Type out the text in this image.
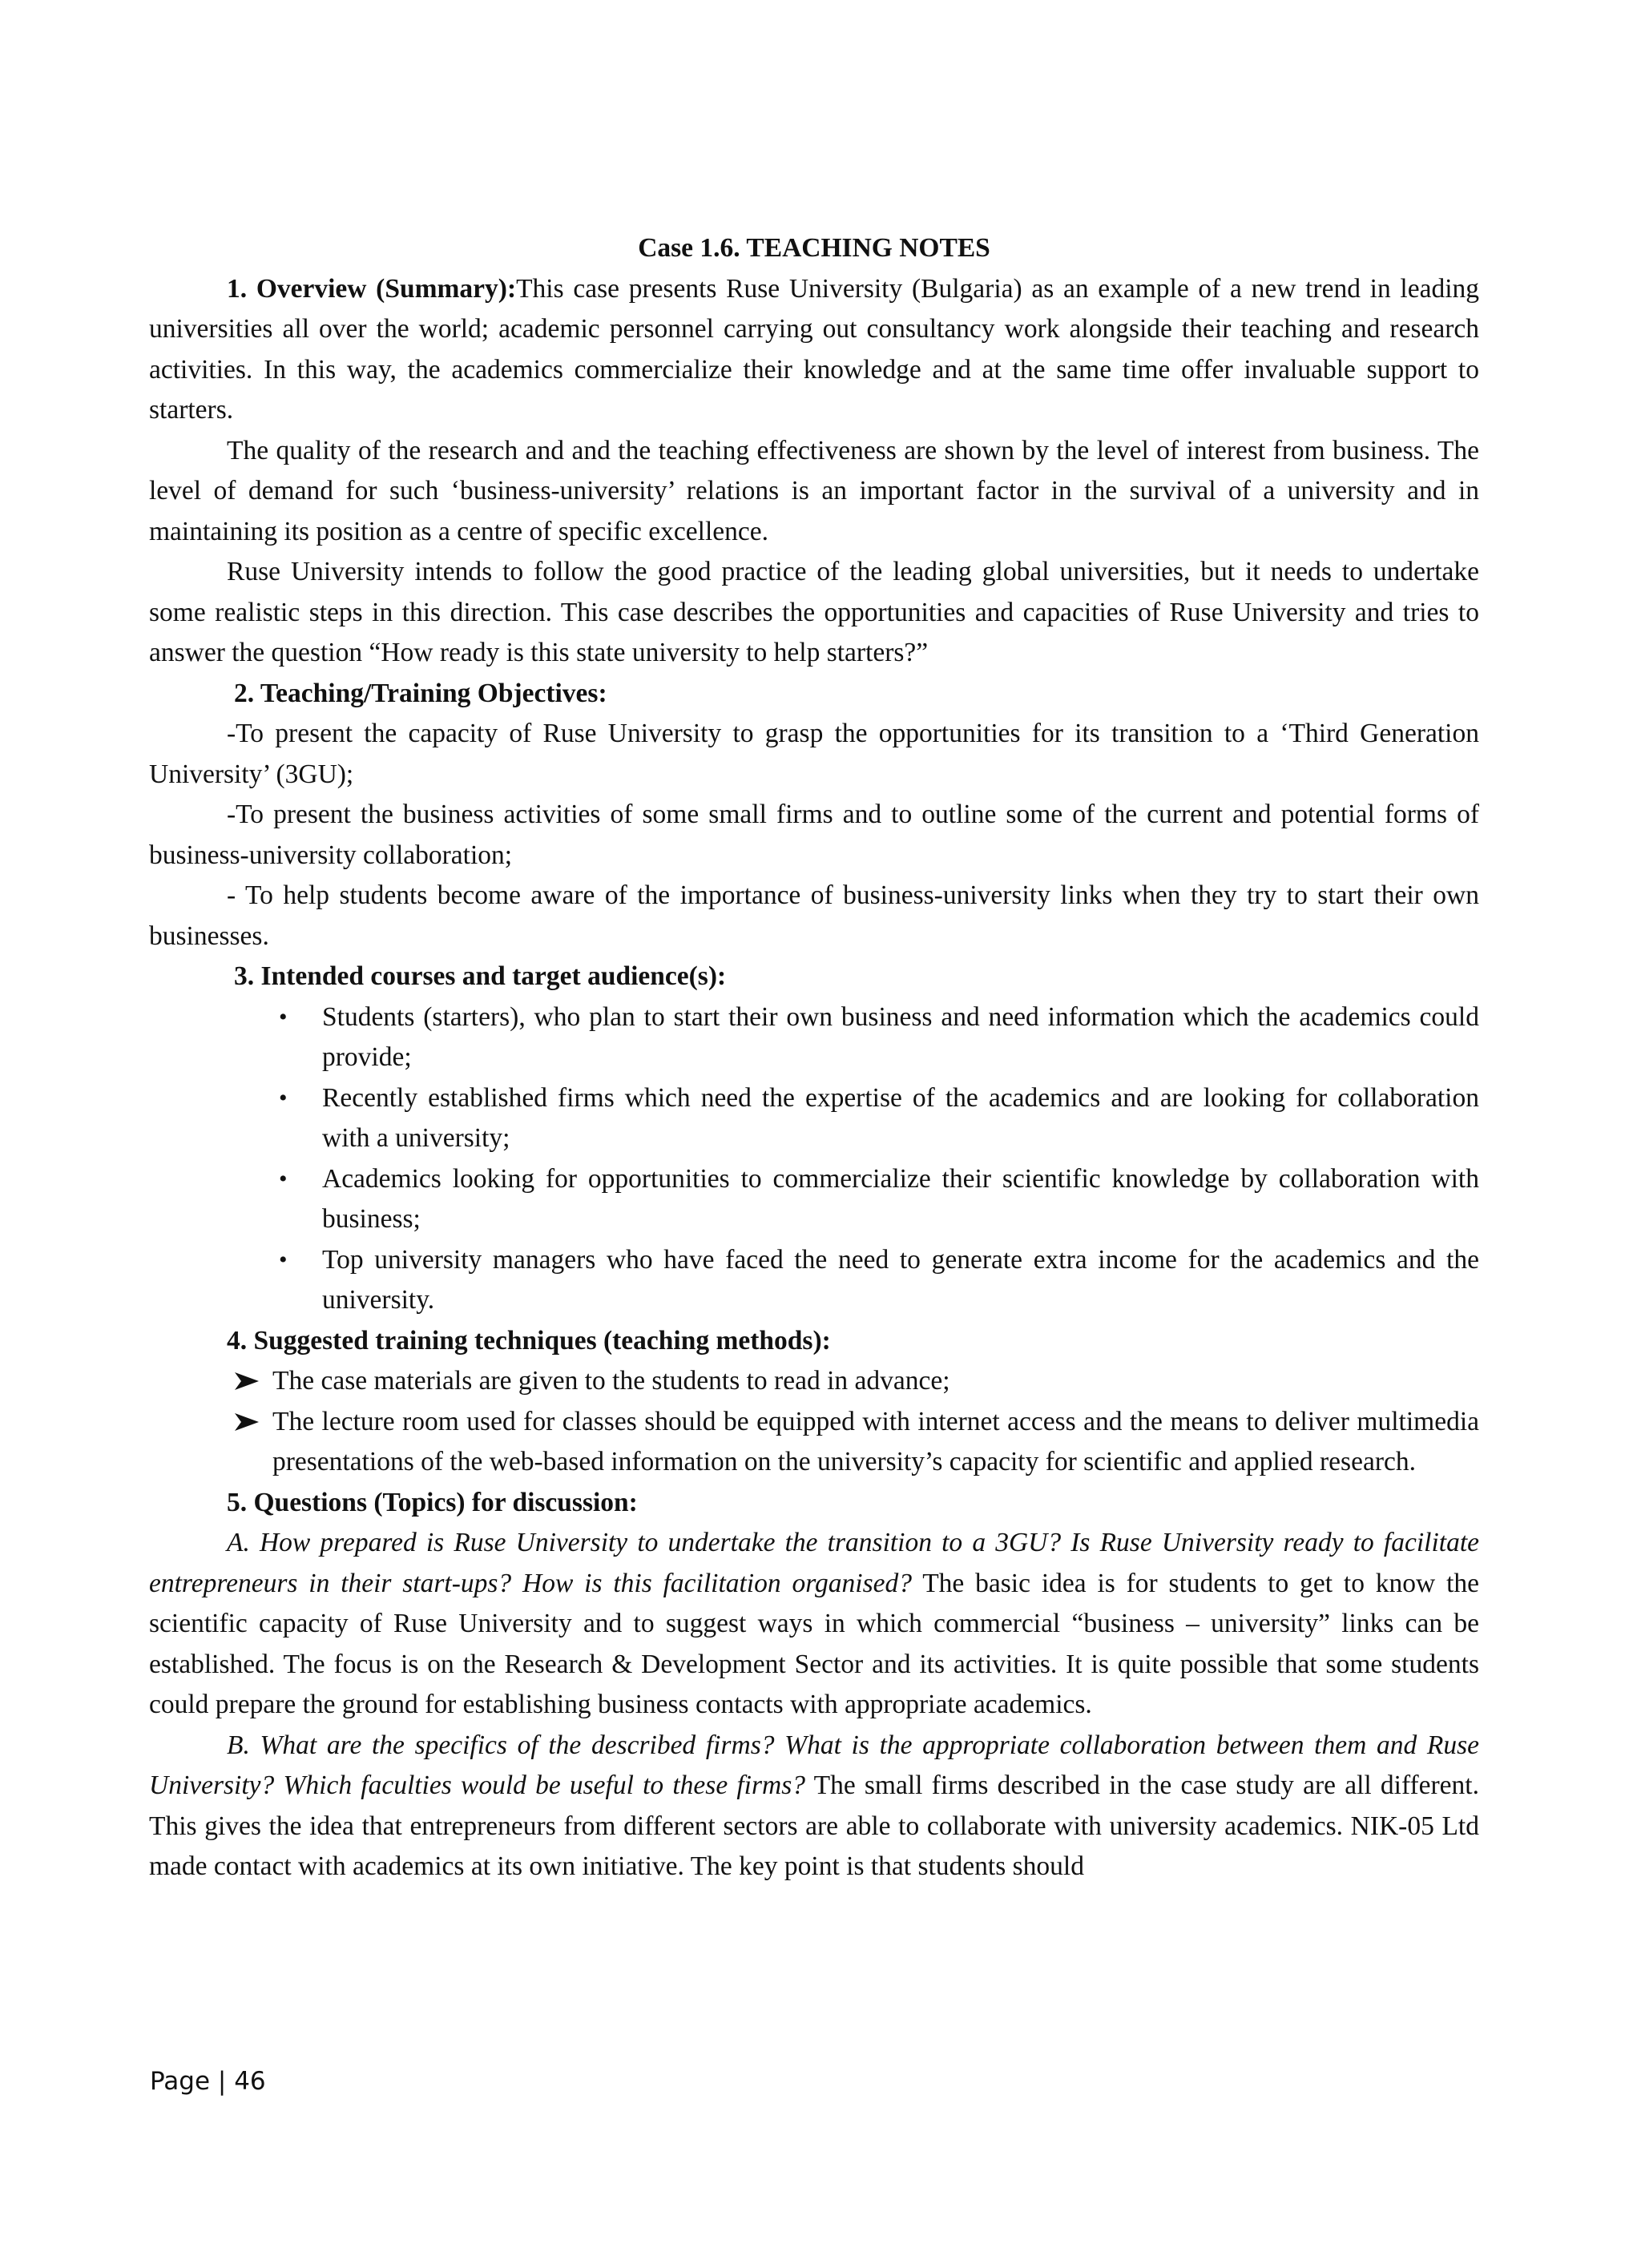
Case 1.6. TEACHING NOTES

1. Overview (Summary):This case presents Ruse University (Bulgaria) as an example of a new trend in leading universities all over the world; academic personnel carrying out consultancy work alongside their teaching and research activities. In this way, the academics commercialize their knowledge and at the same time offer invaluable support to starters.

The quality of the research and and the teaching effectiveness are shown by the level of interest from business. The level of demand for such ‘business-university’ relations is an important factor in the survival of a university and in maintaining its position as a centre of specific excellence.

Ruse University intends to follow the good practice of the leading global universities, but it needs to undertake some realistic steps in this direction. This case describes the opportunities and capacities of Ruse University and tries to answer the question “How ready is this state university to help starters?”

2. Teaching/Training Objectives:

-To present the capacity of Ruse University to grasp the opportunities for its transition to a ‘Third Generation University’ (3GU);

-To present the business activities of some small firms and to outline some of the current and potential forms of business-university collaboration;

- To help students become aware of the importance of business-university links when they try to start their own businesses.

3. Intended courses and target audience(s):

• Students (starters), who plan to start their own business and need information which the academics could provide;
• Recently established firms which need the expertise of the academics and are looking for collaboration with a university;
• Academics looking for opportunities to commercialize their scientific knowledge by collaboration with business;
• Top university managers who have faced the need to generate extra income for the academics and the university.

4. Suggested training techniques (teaching methods):

The case materials are given to the students to read in advance;
The lecture room used for classes should be equipped with internet access and the means to deliver multimedia presentations of the web-based information on the university’s capacity for scientific and applied research.

5. Questions (Topics) for discussion:

A. How prepared is Ruse University to undertake the transition to a 3GU? Is Ruse University ready to facilitate entrepreneurs in their start-ups? How is this facilitation organised? The basic idea is for students to get to know the scientific capacity of Ruse University and to suggest ways in which commercial “business – university” links can be established. The focus is on the Research & Development Sector and its activities. It is quite possible that some students could prepare the ground for establishing business contacts with appropriate academics.

B. What are the specifics of the described firms? What is the appropriate collaboration between them and Ruse University? Which faculties would be useful to these firms? The small firms described in the case study are all different. This gives the idea that entrepreneurs from different sectors are able to collaborate with university academics. NIK-05 Ltd made contact with academics at its own initiative. The key point is that students should

Page | 46
